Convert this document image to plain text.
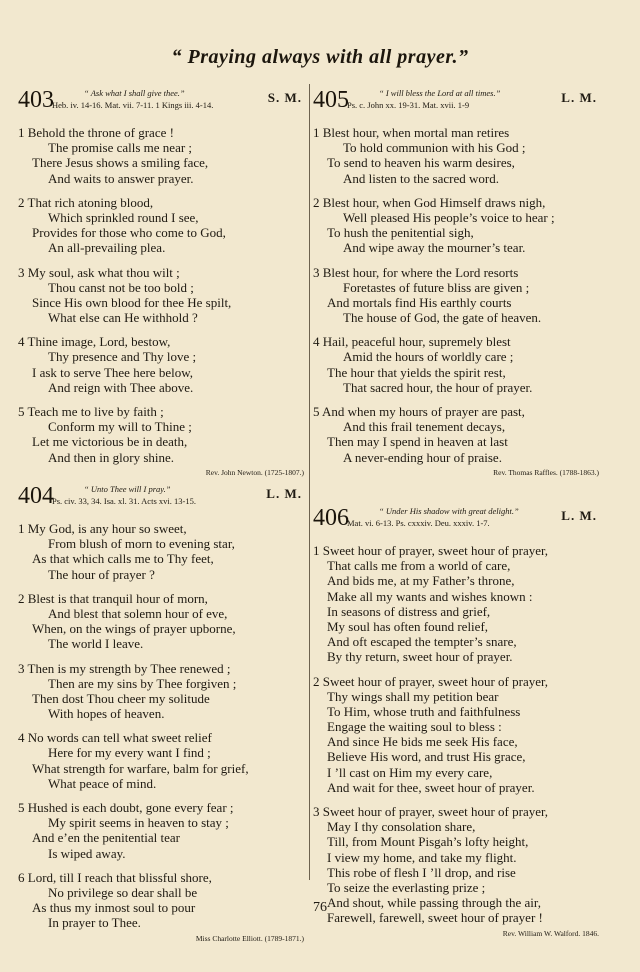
“ Praying always with all prayer.”
403	“ Ask what I shall give thee.”
Heb. iv. 14-16. Mat. vii. 7-11. 1 Kings iii. 4-14.	S. M.
1 Behold the throne of grace !
The promise calls me near ;
There Jesus shows a smiling face,
And waits to answer prayer.
2 That rich atoning blood,
Which sprinkled round I see,
Provides for those who come to God,
An all-prevailing plea.
3 My soul, ask what thou wilt ;
Thou canst not be too bold ;
Since His own blood for thee He spilt,
What else can He withhold ?
4 Thine image, Lord, bestow,
Thy presence and Thy love ;
I ask to serve Thee here below,
And reign with Thee above.
5 Teach me to live by faith ;
Conform my will to Thine ;
Let me victorious be in death,
And then in glory shine.
Rev. John Newton. (1725-1807.)
404	“ Unto Thee will I pray.”
Ps. civ. 33, 34. Isa. xl. 31. Acts xvi. 13-15.	L. M.
1 My God, is any hour so sweet,
From blush of morn to evening star,
As that which calls me to Thy feet,
The hour of prayer ?
2 Blest is that tranquil hour of morn,
And blest that solemn hour of eve,
When, on the wings of prayer upborne,
The world I leave.
3 Then is my strength by Thee renewed ;
Then are my sins by Thee forgiven ;
Then dost Thou cheer my solitude
With hopes of heaven.
4 No words can tell what sweet relief
Here for my every want I find ;
What strength for warfare, balm for grief,
What peace of mind.
5 Hushed is each doubt, gone every fear ;
My spirit seems in heaven to stay ;
And e’en the penitential tear
Is wiped away.
6 Lord, till I reach that blissful shore,
No privilege so dear shall be
As thus my inmost soul to pour
In prayer to Thee.
Miss Charlotte Elliott. (1789-1871.)
405	“ I will bless the Lord at all times.”
Ps. c. John xx. 19-31. Mat. xvii. 1-9	L. M.
1 Blest hour, when mortal man retires
To hold communion with his God ;
To send to heaven his warm desires,
And listen to the sacred word.
2 Blest hour, when God Himself draws nigh,
Well pleased His people’s voice to hear ;
To hush the penitential sigh,
And wipe away the mourner’s tear.
3 Blest hour, for where the Lord resorts
Foretastes of future bliss are given ;
And mortals find His earthly courts
The house of God, the gate of heaven.
4 Hail, peaceful hour, supremely blest
Amid the hours of worldly care ;
The hour that yields the spirit rest,
That sacred hour, the hour of prayer.
5 And when my hours of prayer are past,
And this frail tenement decays,
Then may I spend in heaven at last
A never-ending hour of praise.
Rev. Thomas Raffles. (1788-1863.)
406	“ Under His shadow with great delight.”
Mat. vi. 6-13. Ps. cxxxiv. Deu. xxxiv. 1-7.	L. M.
1 Sweet hour of prayer, sweet hour of prayer,
That calls me from a world of care,
And bids me, at my Father’s throne,
Make all my wants and wishes known :
In seasons of distress and grief,
My soul has often found relief,
And oft escaped the tempter’s snare,
By thy return, sweet hour of prayer.
2 Sweet hour of prayer, sweet hour of prayer,
Thy wings shall my petition bear
To Him, whose truth and faithfulness
Engage the waiting soul to bless :
And since He bids me seek His face,
Believe His word, and trust His grace,
I ’ll cast on Him my every care,
And wait for thee, sweet hour of prayer.
3 Sweet hour of prayer, sweet hour of prayer,
May I thy consolation share,
Till, from Mount Pisgah’s lofty height,
I view my home, and take my flight.
This robe of flesh I ’ll drop, and rise
To seize the everlasting prize ;
And shout, while passing through the air,
Farewell, farewell, sweet hour of prayer !
Rev. William W. Walford. 1846.
76
